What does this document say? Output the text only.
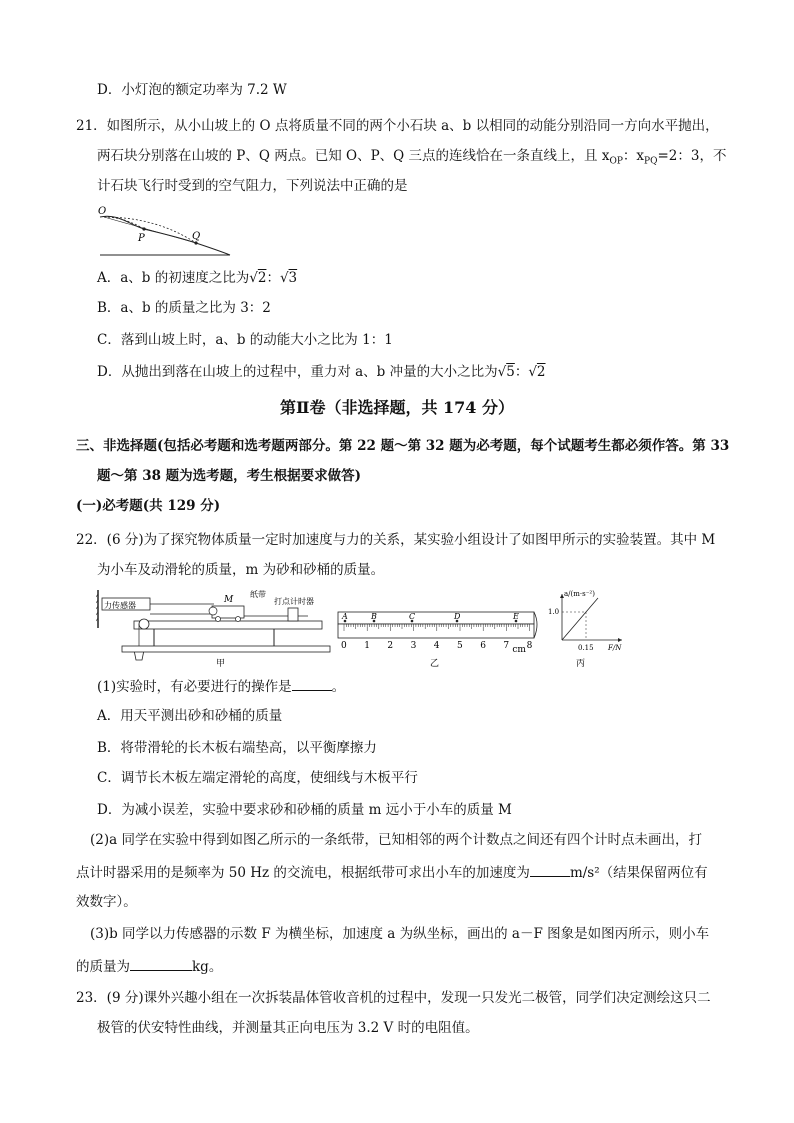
D．小灯泡的额定功率为 7.2 W
21．如图所示，从小山坡上的 O 点将质量不同的两个小石块 a、b 以相同的动能分别沿同一方向水平抛出，
两石块分别落在山坡的 P、Q 两点。已知 O、P、Q 三点的连线恰在一条直线上，且 $x_{OP}$：$x_{PQ}=2$：3，不
计石块飞行时受到的空气阻力，下列说法中正确的是
O
P	Q
A．a、b 的初速度之比为√2：√3
B．a、b 的质量之比为 3：2
C．落到山坡上时，a、b 的动能大小之比为 1：1
D．从抛出到落在山坡上的过程中，重力对 a、b 冲量的大小之比为√5：√2
第Ⅱ卷（非选择题，共 174 分）
三、非选择题(包括必考题和选考题两部分。第 22 题～第 32 题为必考题，每个试题考生都必须作答。第 33
题～第 38 题为选考题，考生根据要求做答)
(一)必考题(共 129 分)
22．(6 分)为了探究物体质量一定时加速度与力的关系，某实验小组设计了如图甲所示的实验装置。其中 M
为小车及动滑轮的质量，m 为砂和砂桶的质量。
力传感器
M
纸带
打点计时器
甲
0 1 2 3 4 5 6 7 8
cm
A	B	C	D	E
乙
a/(m·s⁻²)
1.0
0.15 F/N
丙
(1)实验时，有必要进行的操作是	。
A．用天平测出砂和砂桶的质量
B．将带滑轮的长木板右端垫高，以平衡摩擦力
C．调节长木板左端定滑轮的高度，使细线与木板平行
D．为减小误差，实验中要求砂和砂桶的质量 m 远小于小车的质量 M
(2)a 同学在实验中得到如图乙所示的一条纸带，已知相邻的两个计数点之间还有四个计时点未画出，打
点计时器采用的是频率为 50 Hz 的交流电，根据纸带可求出小车的加速度为	m/s²（结果保留两位有
效数字）。
(3)b 同学以力传感器的示数 F 为横坐标，加速度 a 为纵坐标，画出的 a－F 图象是如图丙所示，则小车
的质量为	kg。
23．(9 分)课外兴趣小组在一次拆装晶体管收音机的过程中，发现一只发光二极管，同学们决定测绘这只二
极管的伏安特性曲线，并测量其正向电压为 3.2 V 时的电阻值。
